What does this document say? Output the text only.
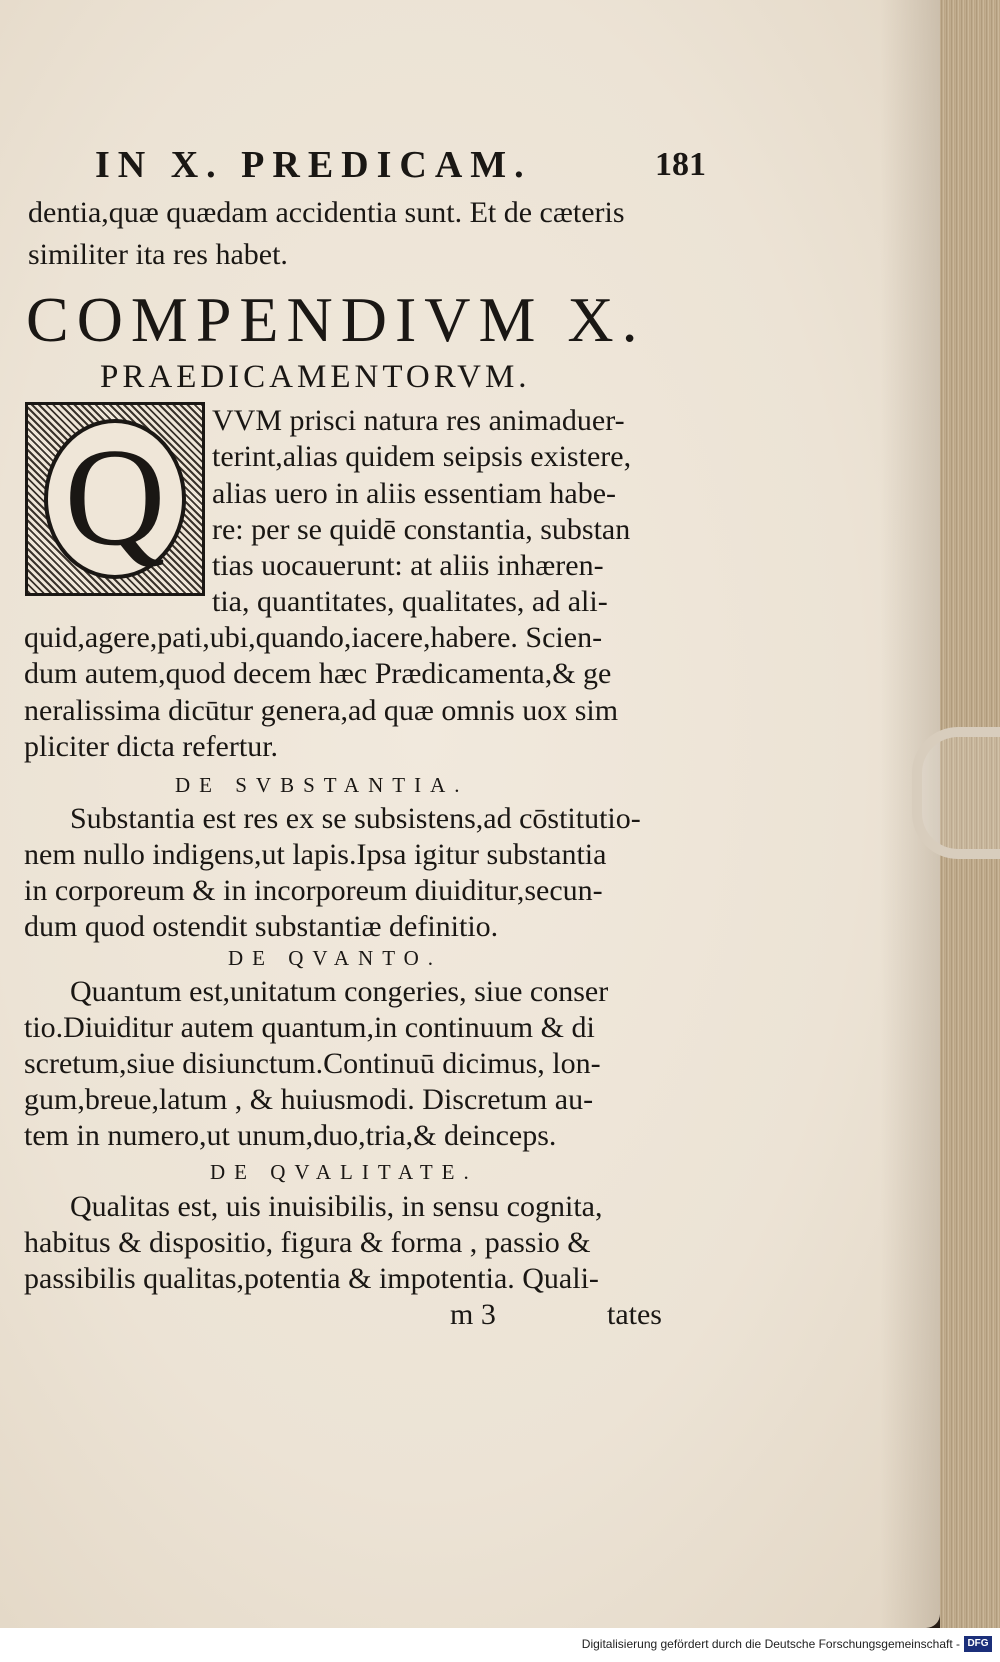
IN X. PREDICAM.	181
dentia,quæ quædam accidentia sunt. Et de cæteris
similiter ita res habet.
COMPENDIVM X.
PRAEDICAMENTORVM.
Q	VVM prisci natura res animaduer-
terint,alias quidem seipsis existere,
alias uero in aliis essentiam habe-
re: per se quidē constantia, substan
tias uocauerunt: at aliis inhæren-
tia, quantitates, qualitates, ad ali-
quid,agere,pati,ubi,quando,iacere,habere. Scien-
dum autem,quod decem hæc Prædicamenta,& ge
neralissima dicūtur genera,ad quæ omnis uox sim
pliciter dicta refertur.
DE SVBSTANTIA.
Substantia est res ex se subsistens,ad cōstitutio-
nem nullo indigens,ut lapis.Ipsa igitur substantia
in corporeum & in incorporeum diuiditur,secun-
dum quod ostendit substantiæ definitio.
DE QVANTO.
Quantum est,unitatum congeries, siue conser
tio.Diuiditur autem quantum,in continuum & di
scretum,siue disiunctum.Continuū dicimus, lon-
gum,breue,latum , & huiusmodi. Discretum au-
tem in numero,ut unum,duo,tria,& deinceps.
DE QVALITATE.
Qualitas est, uis inuisibilis, in sensu cognita,
habitus & dispositio, figura & forma , passio &
passibilis qualitas,potentia & impotentia. Quali-
m 3	tates
Digitalisierung gefördert durch die Deutsche Forschungsgemeinschaft - DFG
